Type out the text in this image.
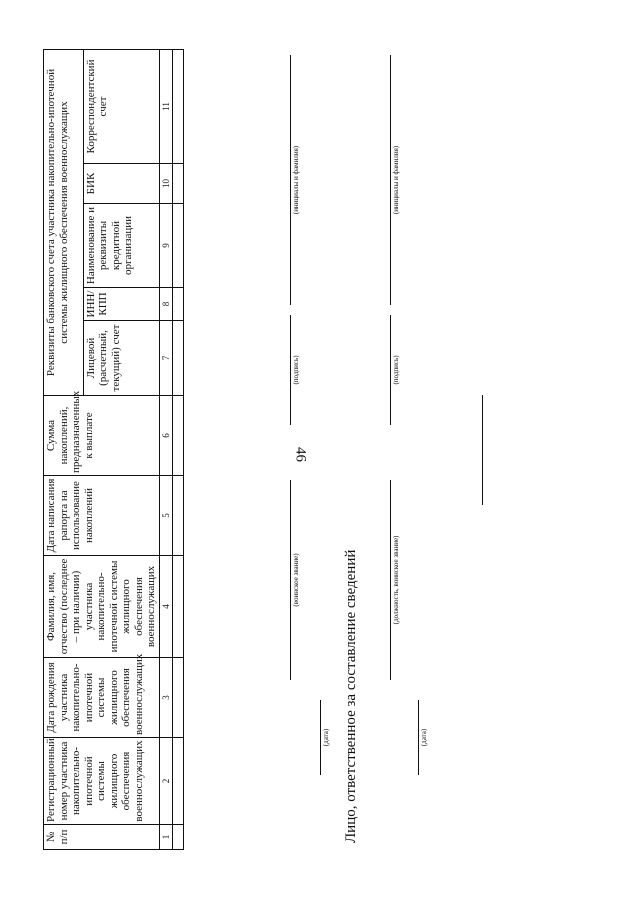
46
№ п/п	Регистрационный номер участника накопительно-ипотечной системы жилищного обеспечения военнослужащих	Дата рождения участника накопительно-ипотечной системы жилищного обеспечения военнослужащих	Фамилия, имя, отчество (последнее – при наличии) участника накопительно-ипотечной системы жилищного обеспечения военнослужащих	Дата написания рапорта на использование накоплений	Сумма накоплений, предназначенных к выплате	Реквизиты банковского счета участника накопительно-ипотечной системы жилищного обеспечения военнослужащих				
						Лицевой (расчетный, текущий) счет	ИНН/ КПП	Наименование и реквизиты кредитной организации	БИК	Корреспондентский счет
1	2	3	4	5	6	7	8	9	10	11

(воинское звание)
(подпись)
(инициалы и фамилия)
(дата) Лицо, ответственное за составление сведений	(должность, воинское звание)
(подпись)
(инициалы и фамилия)
(дата)
